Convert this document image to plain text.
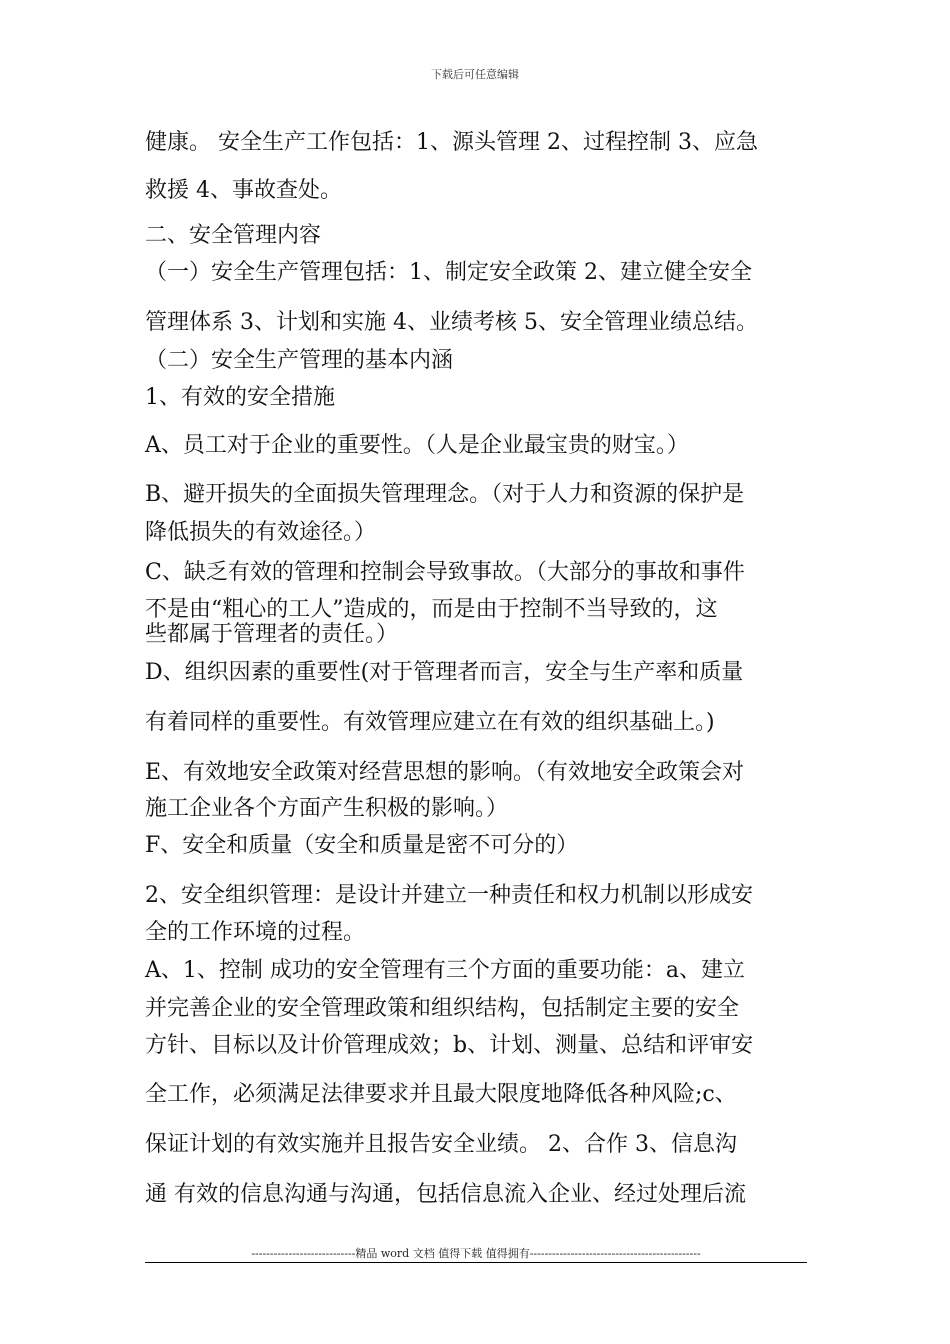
下载后可任意编辑

健康。 安全生产工作包括：1、源头管理 2、过程控制 3、应急

救援 4、事故查处。

二、安全管理内容

（一）安全生产管理包括：1、制定安全政策 2、建立健全安全

管理体系 3、计划和实施 4、业绩考核 5、安全管理业绩总结。

（二）安全生产管理的基本内涵

1、有效的安全措施

A、员工对于企业的重要性。（人是企业最宝贵的财宝。）

B、避开损失的全面损失管理理念。（对于人力和资源的保护是

降低损失的有效途径。）

C、缺乏有效的管理和控制会导致事故。（大部分的事故和事件

不是由“粗心的工人”造成的，而是由于控制不当导致的，这

些都属于管理者的责任。）

D、组织因素的重要性(对于管理者而言，安全与生产率和质量

有着同样的重要性。有效管理应建立在有效的组织基础上。)

E、有效地安全政策对经营思想的影响。（有效地安全政策会对

施工企业各个方面产生积极的影响。）

F、安全和质量（安全和质量是密不可分的）

2、安全组织管理：是设计并建立一种责任和权力机制以形成安

全的工作环境的过程。

A、1、控制 成功的安全管理有三个方面的重要功能：a、建立

并完善企业的安全管理政策和组织结构，包括制定主要的安全

方针、目标以及计价管理成效；b、计划、测量、总结和评审安

全工作，必须满足法律要求并且最大限度地降低各种风险;c、

保证计划的有效实施并且报告安全业绩。 2、合作 3、信息沟

通 有效的信息沟通与沟通，包括信息流入企业、经过处理后流

----------------------------精品 word 文档 值得下载 值得拥有----------------------------------------------
